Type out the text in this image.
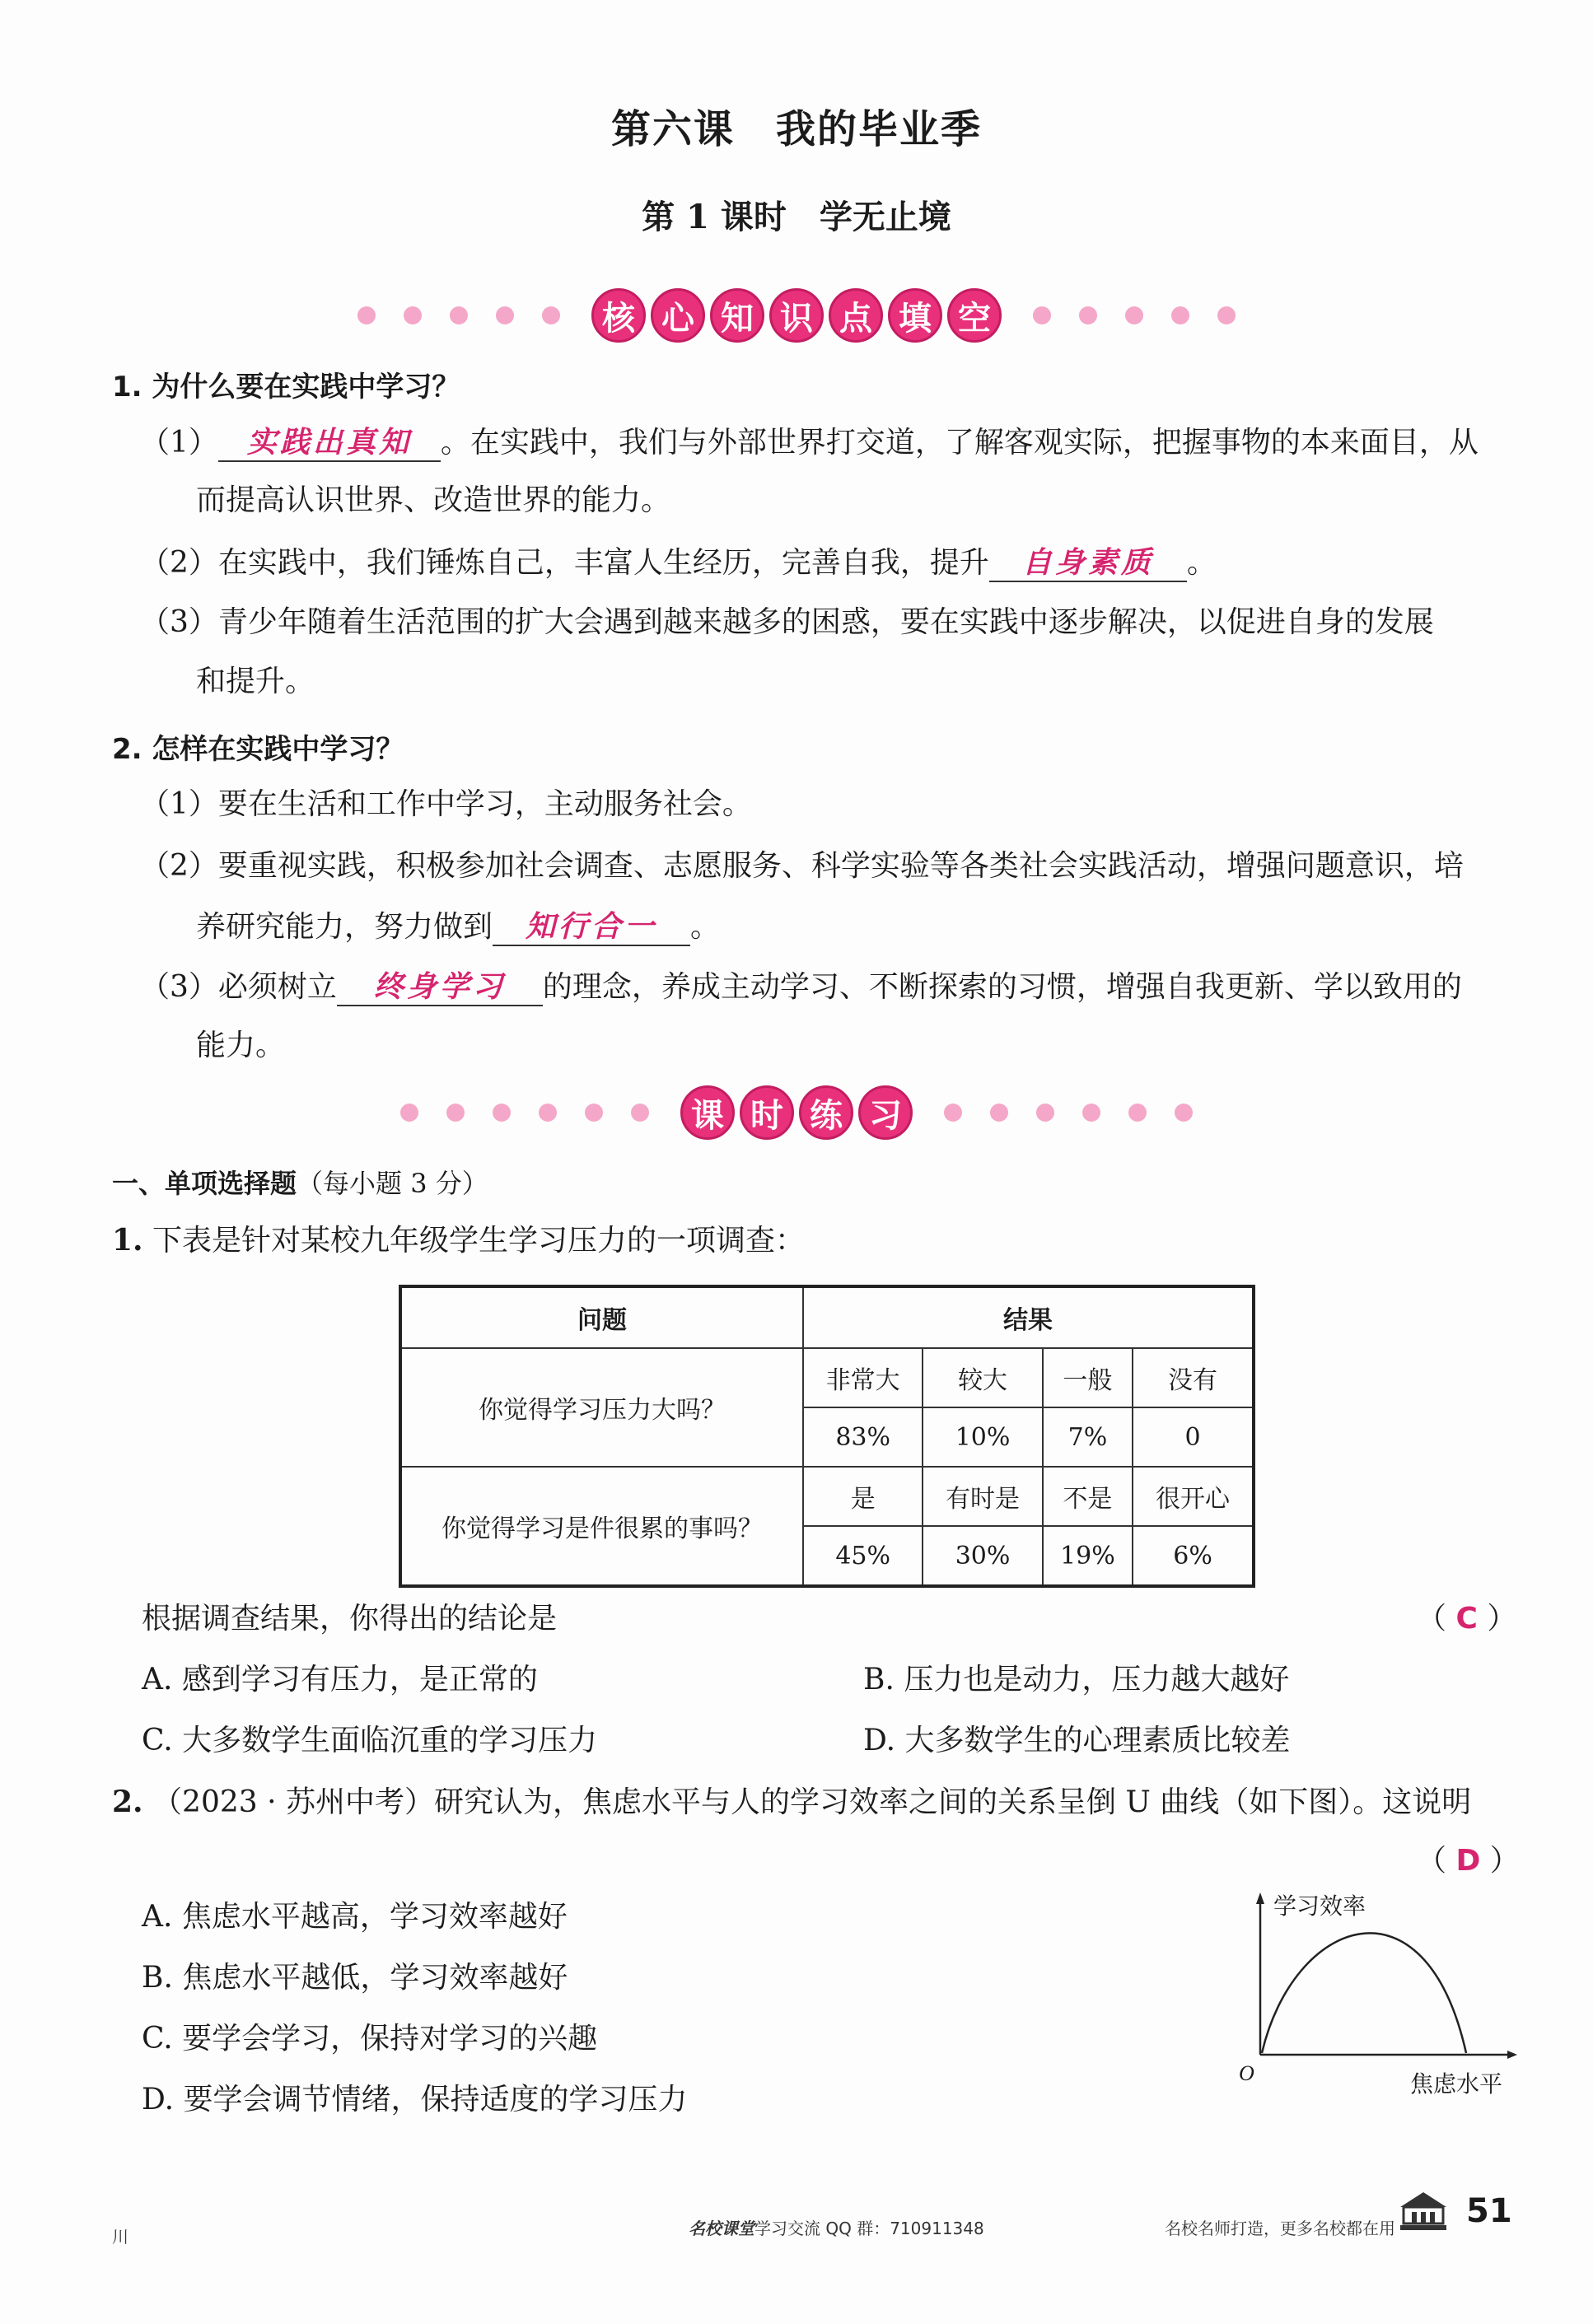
第六课　我的毕业季
第 1 课时　学无止境
核 心 知 识 点 填 空
1. 为什么要在实践中学习？
（1） 实践出真知 。在实践中，我们与外部世界打交道，了解客观实际，把握事物的本来面目，从
而提高认识世界、改造世界的能力。
（2）在实践中，我们锤炼自己，丰富人生经历，完善自我，提升 自身素质 。
（3）青少年随着生活范围的扩大会遇到越来越多的困惑，要在实践中逐步解决，以促进自身的发展
和提升。
2. 怎样在实践中学习？
（1）要在生活和工作中学习，主动服务社会。
（2）要重视实践，积极参加社会调查、志愿服务、科学实验等各类社会实践活动，增强问题意识，培
养研究能力，努力做到 知行合一 。
（3）必须树立 终身学习 的理念，养成主动学习、不断探索的习惯，增强自我更新、学以致用的
能力。
课 时 练 习
一、单项选择题（每小题 3 分）
1. 下表是针对某校九年级学生学习压力的一项调查：
问题	结果			
你觉得学习压力大吗？	非常大	较大	一般	没有
	83%	10%	7%	0
你觉得学习是件很累的事吗？	是	有时是	不是	很开心
	45%	30%	19%	6%
根据调查结果，你得出的结论是	（ C ）
A. 感到学习有压力，是正常的	B. 压力也是动力，压力越大越好
C. 大多数学生面临沉重的学习压力	D. 大多数学生的心理素质比较差
2. （2023 · 苏州中考）研究认为，焦虑水平与人的学习效率之间的关系呈倒 U 曲线（如下图）。这说明
（ D ）
A. 焦虑水平越高，学习效率越好
B. 焦虑水平越低，学习效率越好
C. 要学会学习，保持对学习的兴趣
D. 要学会调节情绪，保持适度的学习压力
学习效率
焦虑水平
O
川	名校课堂学习交流 QQ 群：710911348	名校名师打造，更多名校都在用 51
